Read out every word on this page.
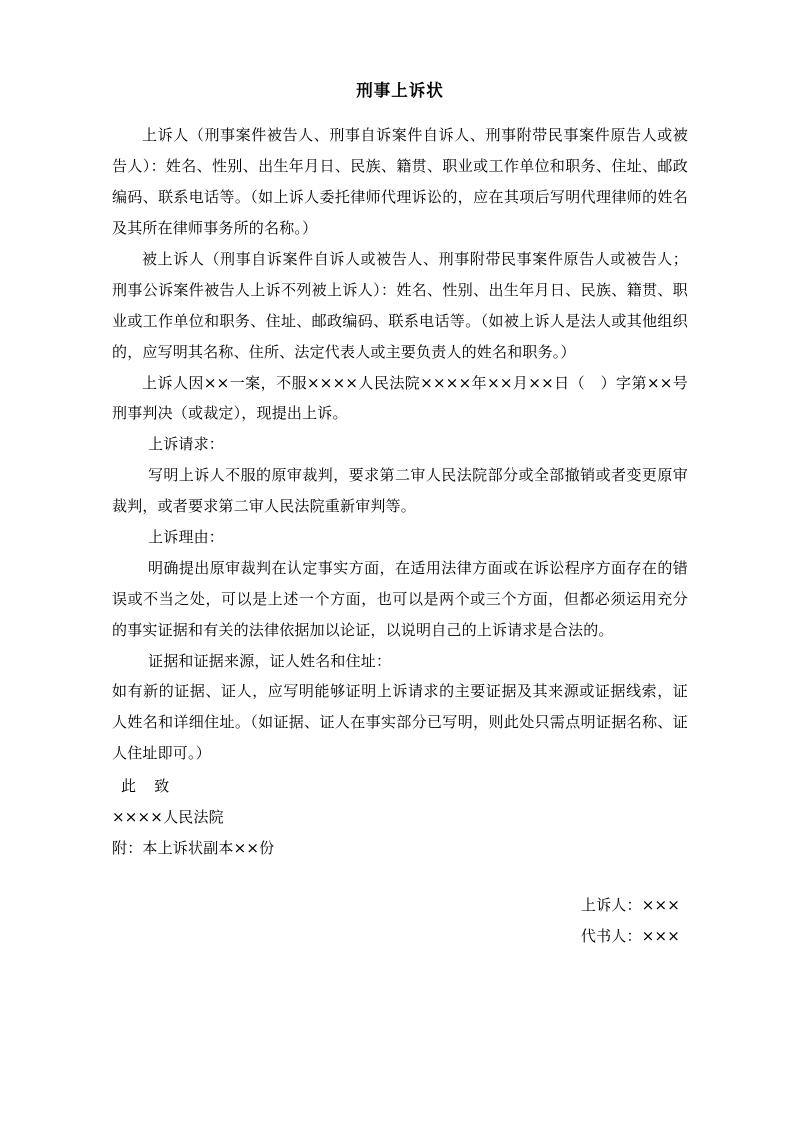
刑事上诉状

上诉人（刑事案件被告人、刑事自诉案件自诉人、刑事附带民事案件原告人或被告人）：姓名、性别、出生年月日、民族、籍贯、职业或工作单位和职务、住址、邮政编码、联系电话等。（如上诉人委托律师代理诉讼的，应在其项后写明代理律师的姓名及其所在律师事务所的名称。）

被上诉人（刑事自诉案件自诉人或被告人、刑事附带民事案件原告人或被告人；刑事公诉案件被告人上诉不列被上诉人）：姓名、性别、出生年月日、民族、籍贯、职业或工作单位和职务、住址、邮政编码、联系电话等。（如被上诉人是法人或其他组织的，应写明其名称、住所、法定代表人或主要负责人的姓名和职务。）

上诉人因××一案，不服××××人民法院××××年××月××日（　）字第××号刑事判决（或裁定），现提出上诉。

上诉请求：

写明上诉人不服的原审裁判，要求第二审人民法院部分或全部撤销或者变更原审裁判，或者要求第二审人民法院重新审判等。

上诉理由：

明确提出原审裁判在认定事实方面，在适用法律方面或在诉讼程序方面存在的错误或不当之处，可以是上述一个方面，也可以是两个或三个方面，但都必须运用充分的事实证据和有关的法律依据加以论证，以说明自己的上诉请求是合法的。

证据和证据来源，证人姓名和住址：

如有新的证据、证人，应写明能够证明上诉请求的主要证据及其来源或证据线索，证人姓名和详细住址。（如证据、证人在事实部分已写明，则此处只需点明证据名称、证人住址即可。）

此 致

××××人民法院

附：本上诉状副本××份

上诉人：×××

代书人：×××
